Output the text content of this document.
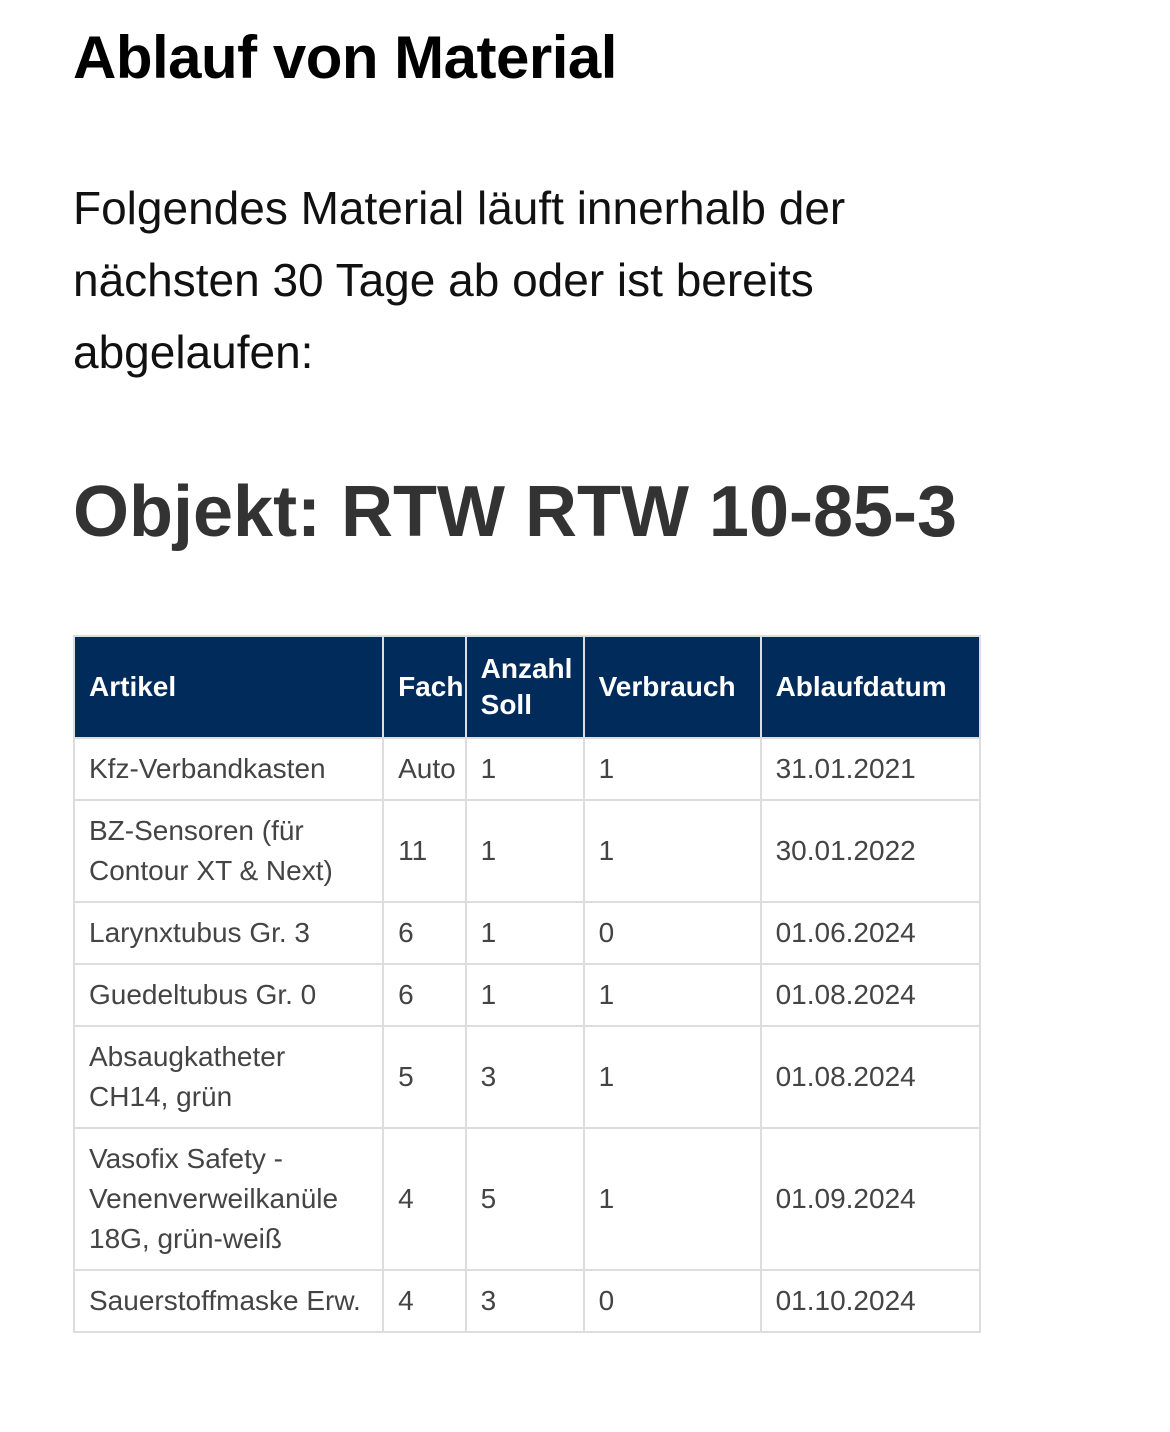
Ablauf von Material

Folgendes Material läuft innerhalb der nächsten 30 Tage ab oder ist bereits abgelaufen:

Objekt: RTW RTW 10-85-3
Artikel	Fach	Anzahl Soll	Verbrauch	Ablaufdatum
Kfz-Verbandkasten	Auto	1	1	31.01.2021
BZ-Sensoren (für Contour XT & Next)	11	1	1	30.01.2022
Larynxtubus Gr. 3	6	1	0	01.06.2024
Guedeltubus Gr. 0	6	1	1	01.08.2024
Absaugkatheter CH14, grün	5	3	1	01.08.2024
Vasofix Safety - Venenverweilkanüle 18G, grün-weiß	4	5	1	01.09.2024
Sauerstoffmaske Erw.	4	3	0	01.10.2024
